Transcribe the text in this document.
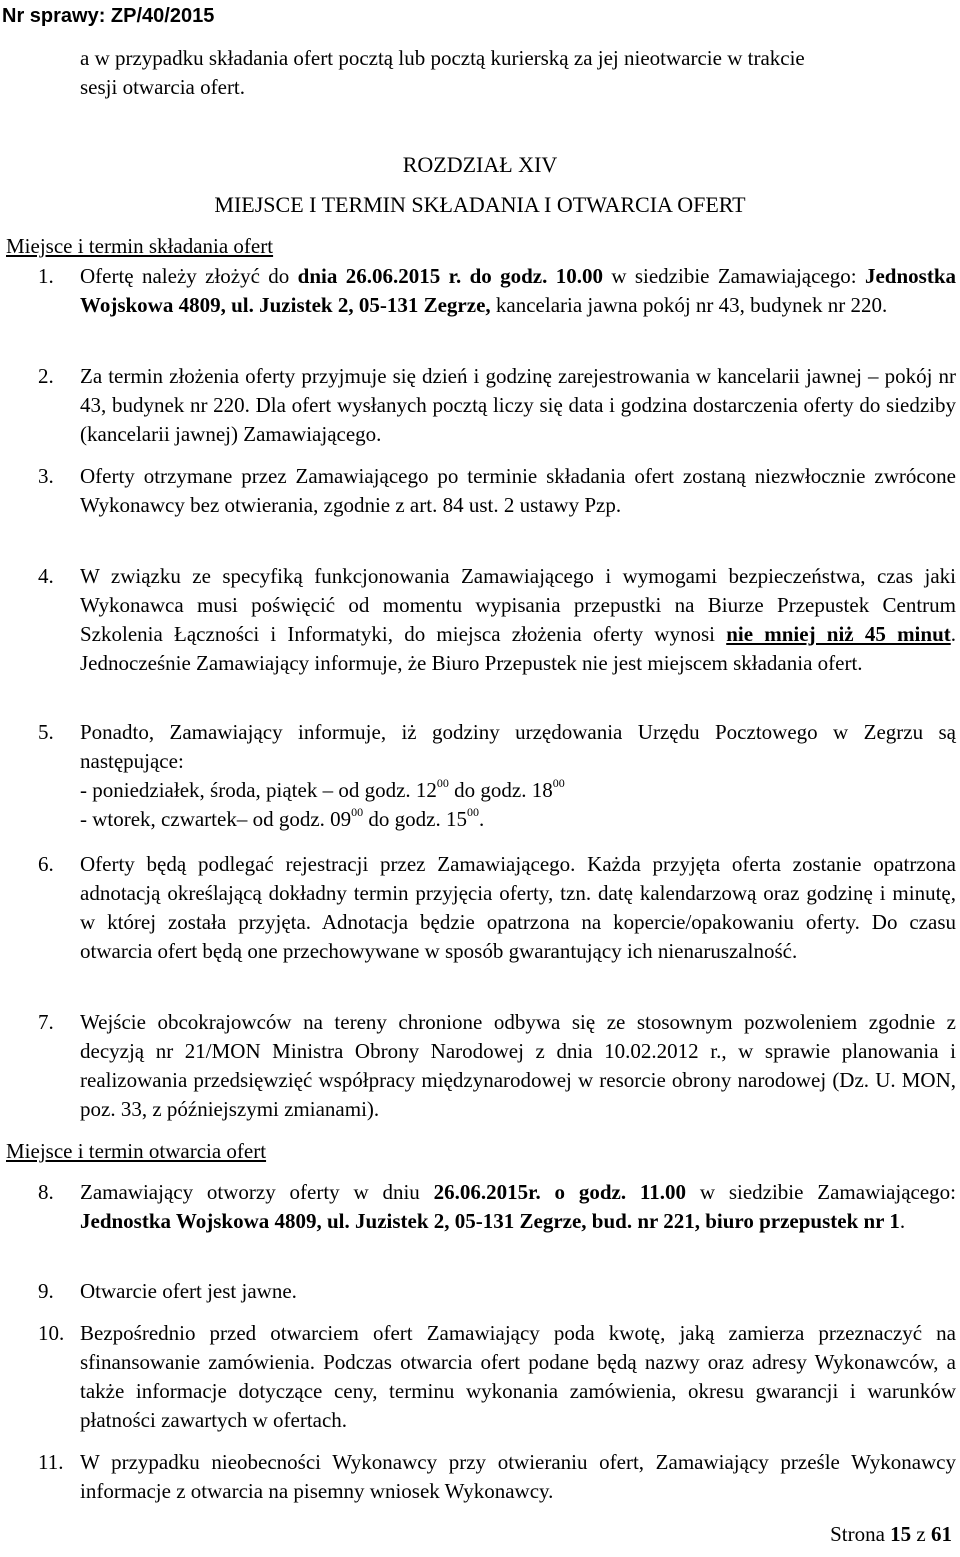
Nr sprawy: ZP/40/2015
a w przypadku składania ofert pocztą lub pocztą kurierską za jej nieotwarcie w trakcie
sesji otwarcia ofert.
ROZDZIAŁ XIV
MIEJSCE I TERMIN SKŁADANIA I OTWARCIA OFERT
Miejsce i termin składania ofert
1. Ofertę należy złożyć do dnia 26.06.2015 r. do godz. 10.00 w siedzibie Zamawiającego: Jednostka Wojskowa 4809, ul. Juzistek 2, 05-131 Zegrze, kancelaria jawna pokój nr 43, budynek nr 220.

2. Za termin złożenia oferty przyjmuje się dzień i godzinę zarejestrowania w kancelarii jawnej – pokój nr 43, budynek nr 220. Dla ofert wysłanych pocztą liczy się data i godzina dostarczenia oferty do siedziby (kancelarii jawnej) Zamawiającego.

3. Oferty otrzymane przez Zamawiającego po terminie składania ofert zostaną niezwłocznie zwrócone Wykonawcy bez otwierania, zgodnie z art. 84 ust. 2 ustawy Pzp.

4. W związku ze specyfiką funkcjonowania Zamawiającego i wymogami bezpieczeństwa, czas jaki Wykonawca musi poświęcić od momentu wypisania przepustki na Biurze Przepustek Centrum Szkolenia Łączności i Informatyki, do miejsca złożenia oferty wynosi nie mniej niż 45 minut. Jednocześnie Zamawiający informuje, że Biuro Przepustek nie jest miejscem składania ofert.

5. Ponadto, Zamawiający informuje, iż godziny urzędowania Urzędu Pocztowego w Zegrzu są następujące:

- poniedziałek, środa, piątek – od godz. $12^{00}$ do godz. $18^{00}$

- wtorek, czwartek– od godz. $09^{00}$ do godz. $15^{00}$.

6. Oferty będą podlegać rejestracji przez Zamawiającego. Każda przyjęta oferta zostanie opatrzona adnotacją określającą dokładny termin przyjęcia oferty, tzn. datę kalendarzową oraz godzinę i minutę, w której została przyjęta. Adnotacja będzie opatrzona na kopercie/opakowaniu oferty. Do czasu otwarcia ofert będą one przechowywane w sposób gwarantujący ich nienaruszalność.

7. Wejście obcokrajowców na tereny chronione odbywa się ze stosownym pozwoleniem zgodnie z decyzją nr 21/MON Ministra Obrony Narodowej z dnia 10.02.2012 r., w sprawie planowania i realizowania przedsięwzięć współpracy międzynarodowej w resorcie obrony narodowej (Dz. U. MON, poz. 33, z późniejszymi zmianami).

Miejsce i termin otwarcia ofert
8. Zamawiający otworzy oferty w dniu 26.06.2015r. o godz. 11.00 w siedzibie Zamawiającego: Jednostka Wojskowa 4809, ul. Juzistek 2, 05-131 Zegrze, bud. nr 221, biuro przepustek nr 1.

9. Otwarcie ofert jest jawne.

10. Bezpośrednio przed otwarciem ofert Zamawiający poda kwotę, jaką zamierza przeznaczyć na sfinansowanie zamówienia. Podczas otwarcia ofert podane będą nazwy oraz adresy Wykonawców, a także informacje dotyczące ceny, terminu wykonania zamówienia, okresu gwarancji i warunków płatności zawartych w ofertach.

11. W przypadku nieobecności Wykonawcy przy otwieraniu ofert, Zamawiający prześle Wykonawcy informacje z otwarcia na pisemny wniosek Wykonawcy.

Strona 15 z 61
